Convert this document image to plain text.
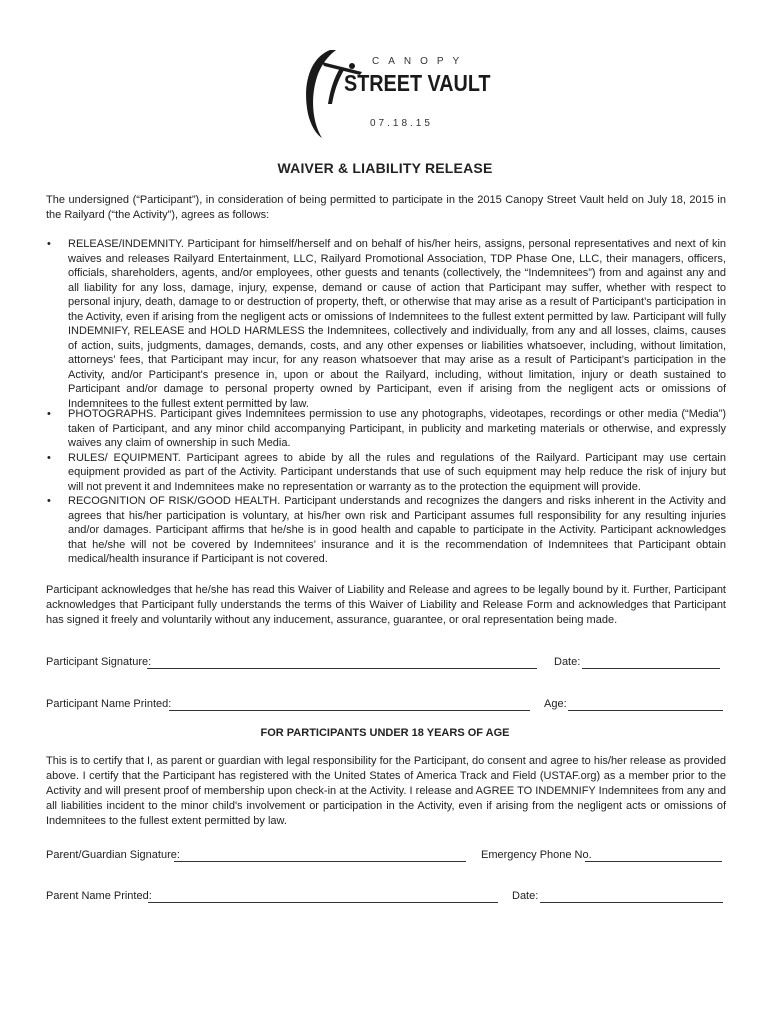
CANOPY
STREET VAULT
07.18.15
WAIVER & LIABILITY RELEASE

The undersigned (“Participant”), in consideration of being permitted to participate in the 2015 Canopy Street Vault held on July 18, 2015 in the Railyard (“the Activity”), agrees as follows:

• RELEASE/INDEMNITY. Participant for himself/herself and on behalf of his/her heirs, assigns, personal representatives and next of kin waives and releases Railyard Entertainment, LLC, Railyard Promotional Association, TDP Phase One, LLC, their managers, officers, officials, shareholders, agents, and/or employees, other guests and tenants (collectively, the “Indemnitees”) from and against any and all liability for any loss, damage, injury, expense, demand or cause of action that Participant may suffer, whether with respect to personal injury, death, damage to or destruction of property, theft, or otherwise that may arise as a result of Participant’s participation in the Activity, even if arising from the negligent acts or omissions of Indemnitees to the fullest extent permitted by law. Participant will fully INDEMNIFY, RELEASE and HOLD HARMLESS the Indemnitees, collectively and individually, from any and all losses, claims, causes of action, suits, judgments, damages, demands, costs, and any other expenses or liabilities whatsoever, including, without limitation, attorneys’ fees, that Participant may incur, for any reason whatsoever that may arise as a result of Participant’s participation in the Activity, and/or Participant's presence in, upon or about the Railyard, including, without limitation, injury or death sustained to Participant and/or damage to personal property owned by Participant, even if arising from the negligent acts or omissions of Indemnitees to the fullest extent permitted by law.
• PHOTOGRAPHS. Participant gives Indemnitees permission to use any photographs, videotapes, recordings or other media (“Media”) taken of Participant, and any minor child accompanying Participant, in publicity and marketing materials or otherwise, and expressly waives any claim of ownership in such Media.
• RULES/ EQUIPMENT. Participant agrees to abide by all the rules and regulations of the Railyard. Participant may use certain equipment provided as part of the Activity. Participant understands that use of such equipment may help reduce the risk of injury but will not prevent it and Indemnitees make no representation or warranty as to the protection the equipment will provide.
• RECOGNITION OF RISK/GOOD HEALTH. Participant understands and recognizes the dangers and risks inherent in the Activity and agrees that his/her participation is voluntary, at his/her own risk and Participant assumes full responsibility for any resulting injuries and/or damages. Participant affirms that he/she is in good health and capable to participate in the Activity. Participant acknowledges that he/she will not be covered by Indemnitees’ insurance and it is the recommendation of Indemnitees that Participant obtain medical/health insurance if Participant is not covered.

Participant acknowledges that he/she has read this Waiver of Liability and Release and agrees to be legally bound by it. Further, Participant acknowledges that Participant fully understands the terms of this Waiver of Liability and Release Form and acknowledges that Participant has signed it freely and voluntarily without any inducement, assurance, guarantee, or oral representation being made.

Participant Signature:	Date:
Participant Name Printed:	Age:
FOR PARTICIPANTS UNDER 18 YEARS OF AGE

This is to certify that I, as parent or guardian with legal responsibility for the Participant, do consent and agree to his/her release as provided above. I certify that the Participant has registered with the United States of America Track and Field (USTAF.org) as a member prior to the Activity and will present proof of membership upon check-in at the Activity. I release and AGREE TO INDEMNIFY Indemnitees from any and all liabilities incident to the minor child's involvement or participation in the Activity, even if arising from the negligent acts or omissions of Indemnitees to the fullest extent permitted by law.

Parent/Guardian Signature:	Emergency Phone No.
Parent Name Printed:	Date:
